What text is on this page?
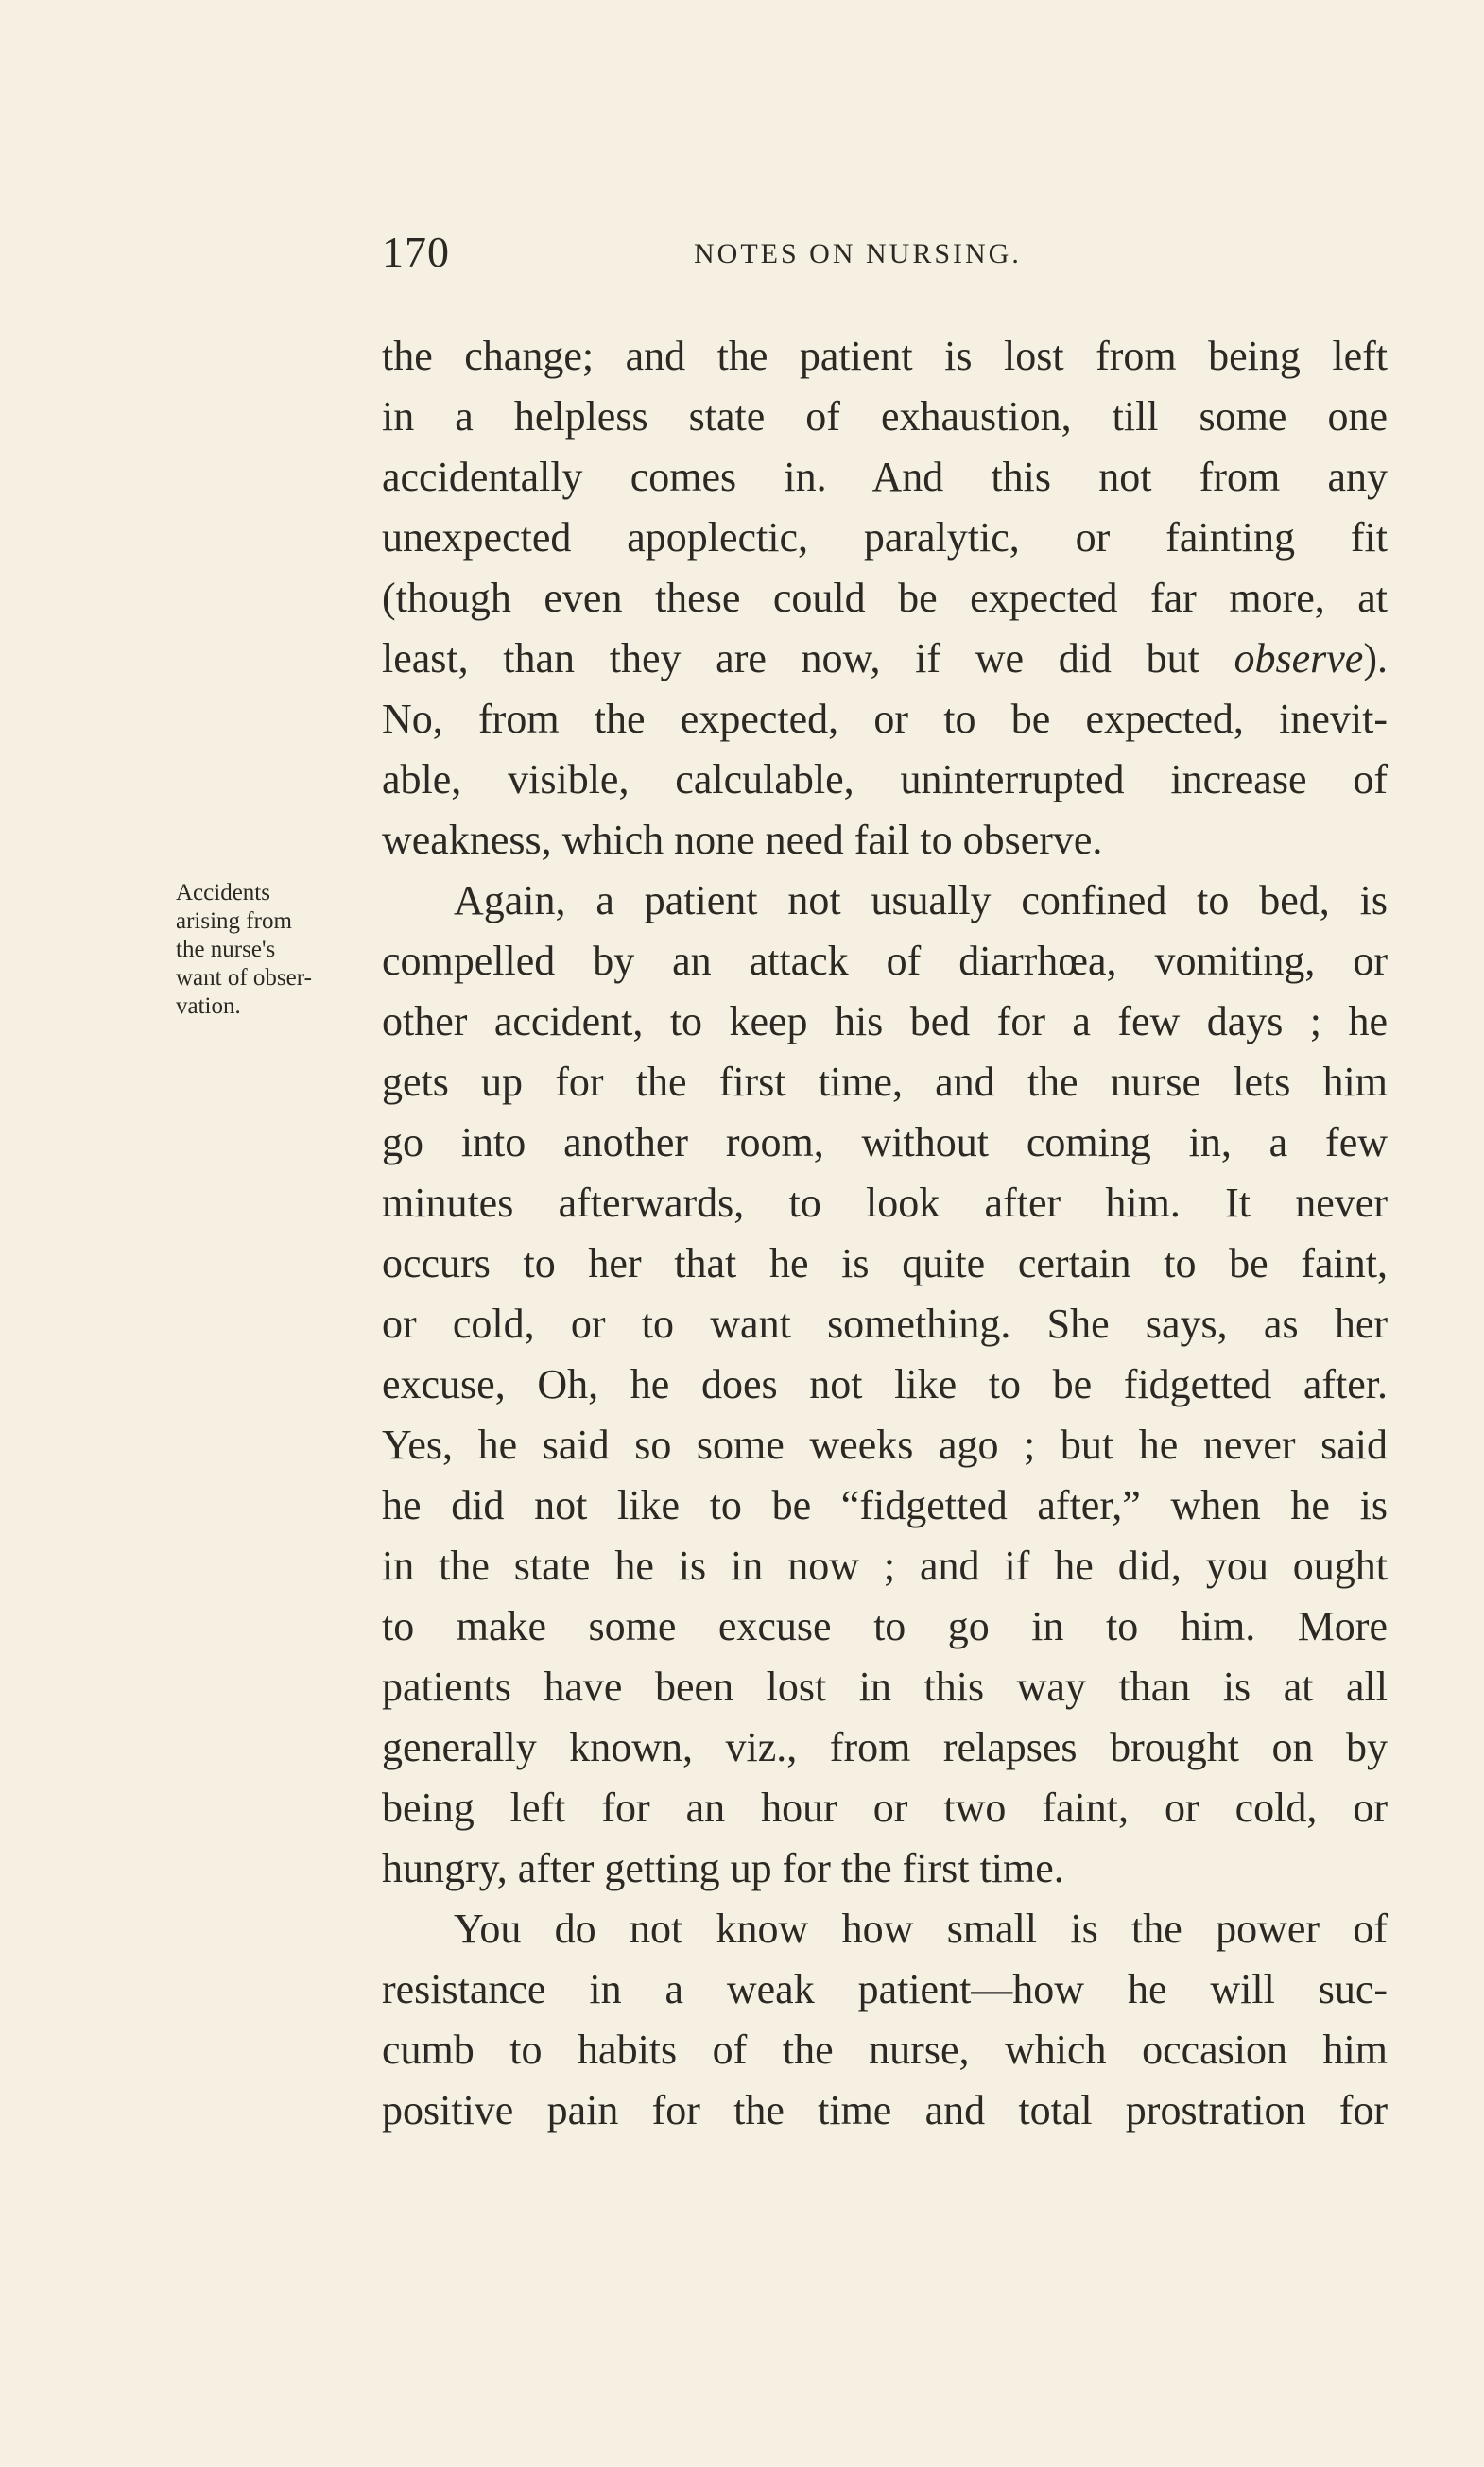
170	NOTES ON NURSING.
Accidents
arising from
the nurse's
want of obser-
vation.
the change; and the patient is lost from being left
in a helpless state of exhaustion, till some one
accidentally comes in. And this not from any
unexpected apoplectic, paralytic, or fainting fit
(though even these could be expected far more, at
least, than they are now, if we did but observe).
No, from the expected, or to be expected, inevit-
able, visible, calculable, uninterrupted increase of
weakness, which none need fail to observe.
Again, a patient not usually confined to bed, is
compelled by an attack of diarrhœa, vomiting, or
other accident, to keep his bed for a few days ; he
gets up for the first time, and the nurse lets him
go into another room, without coming in, a few
minutes afterwards, to look after him. It never
occurs to her that he is quite certain to be faint,
or cold, or to want something. She says, as her
excuse, Oh, he does not like to be fidgetted after.
Yes, he said so some weeks ago ; but he never said
he did not like to be “fidgetted after,” when he is
in the state he is in now ; and if he did, you ought
to make some excuse to go in to him. More
patients have been lost in this way than is at all
generally known, viz., from relapses brought on by
being left for an hour or two faint, or cold, or
hungry, after getting up for the first time.
You do not know how small is the power of
resistance in a weak patient—how he will suc-
cumb to habits of the nurse, which occasion him
positive pain for the time and total prostration for
